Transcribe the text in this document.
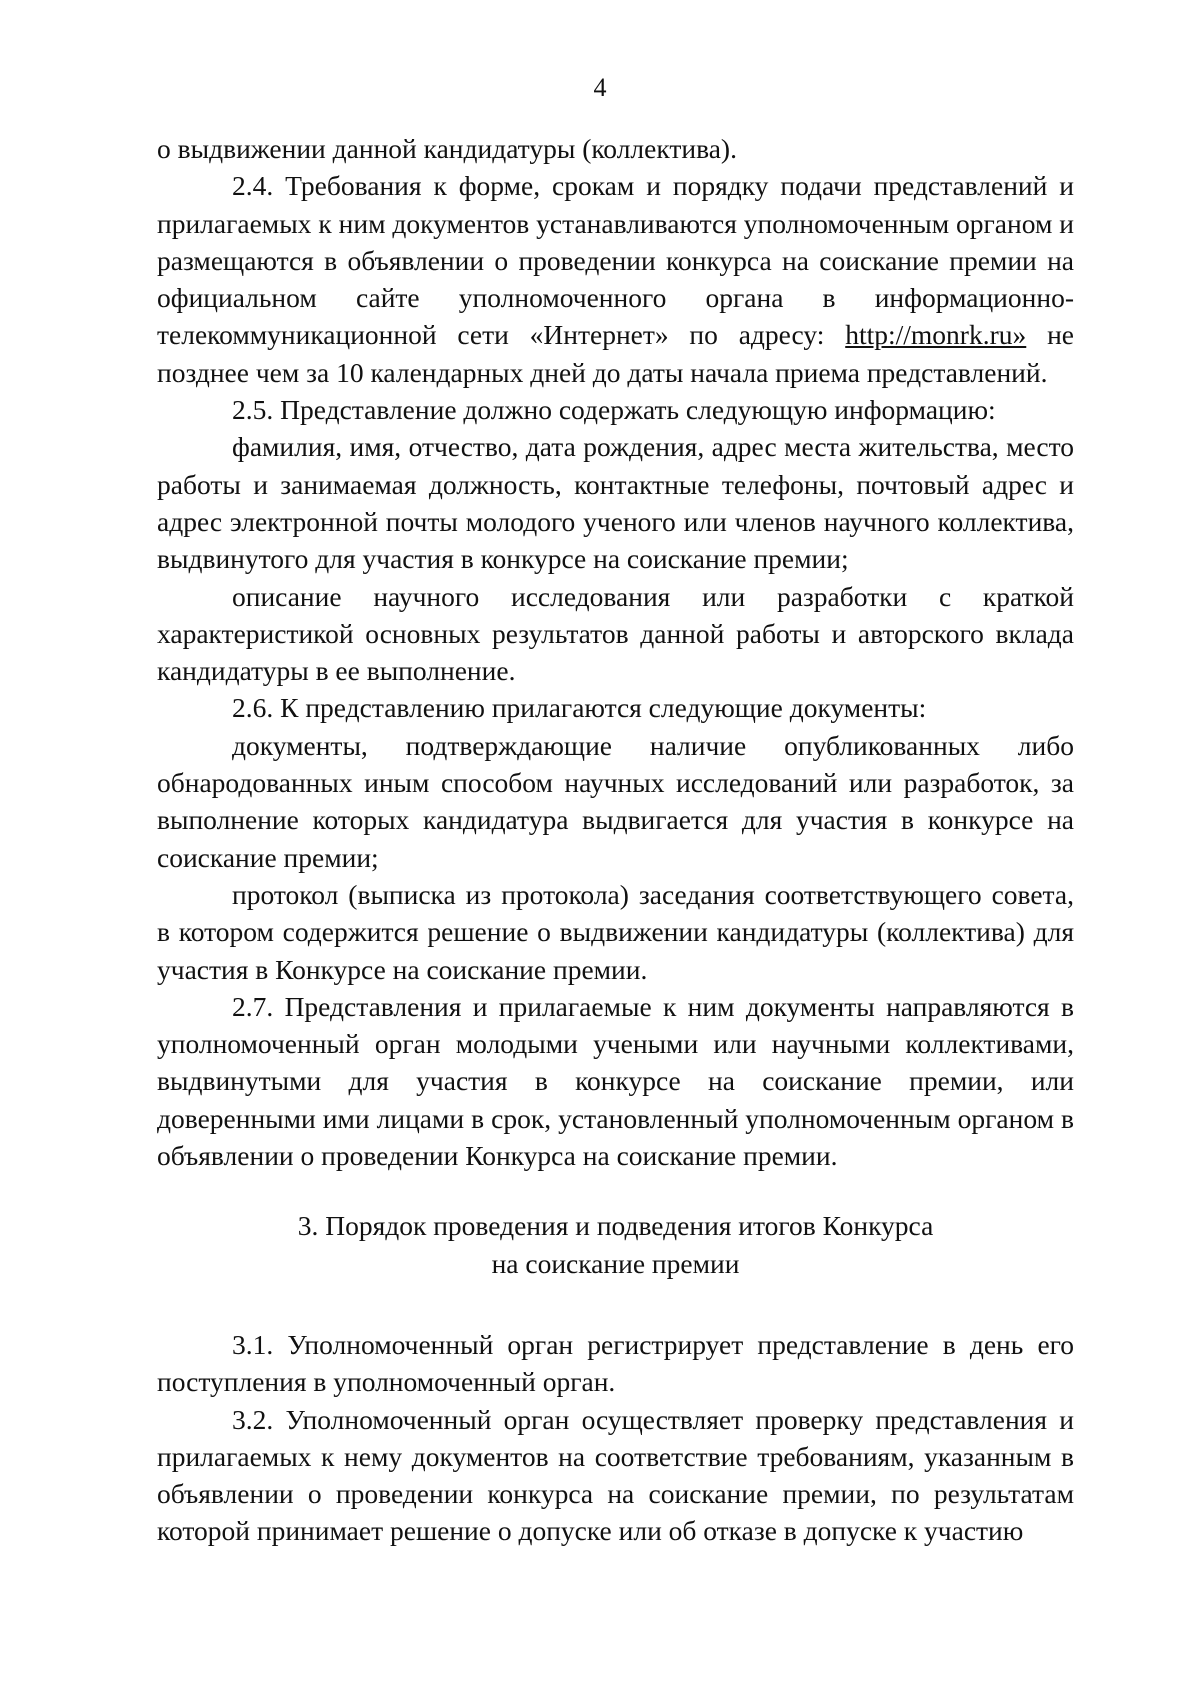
4

о выдвижении данной кандидатуры (коллектива).

2.4. Требования к форме, срокам и порядку подачи представлений и прилагаемых к ним документов устанавливаются уполномоченным органом и размещаются в объявлении о проведении конкурса на соискание премии на официальном сайте уполномоченного органа в информационно-телекоммуникационной сети «Интернет» по адресу: http://monrk.ru» не позднее чем за 10 календарных дней до даты начала приема представлений.

2.5. Представление должно содержать следующую информацию:

фамилия, имя, отчество, дата рождения, адрес места жительства, место работы и занимаемая должность, контактные телефоны, почтовый адрес и адрес электронной почты молодого ученого или членов научного коллектива, выдвинутого для участия в конкурсе на соискание премии;

описание научного исследования или разработки с краткой характеристикой основных результатов данной работы и авторского вклада кандидатуры в ее выполнение.

2.6. К представлению прилагаются следующие документы:

документы, подтверждающие наличие опубликованных либо обнародованных иным способом научных исследований или разработок, за выполнение которых кандидатура выдвигается для участия в конкурсе на соискание премии;

протокол (выписка из протокола) заседания соответствующего совета, в котором содержится решение о выдвижении кандидатуры (коллектива) для участия в Конкурсе на соискание премии.

2.7. Представления и прилагаемые к ним документы направляются в уполномоченный орган молодыми учеными или научными коллективами, выдвинутыми для участия в конкурсе на соискание премии, или доверенными ими лицами в срок, установленный уполномоченным органом в объявлении о проведении Конкурса на соискание премии.

3. Порядок проведения и подведения итогов Конкурса
на соискание премии

3.1. Уполномоченный орган регистрирует представление в день его поступления в уполномоченный орган.

3.2. Уполномоченный орган осуществляет проверку представления и прилагаемых к нему документов на соответствие требованиям, указанным в объявлении о проведении конкурса на соискание премии, по результатам которой принимает решение о допуске или об отказе в допуске к участию
